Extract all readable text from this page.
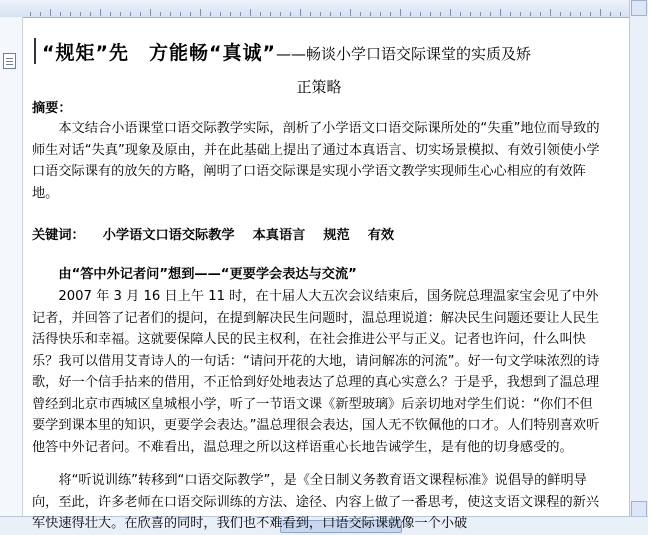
“规矩”先　方能畅“真诚”——畅谈小学口语交际课堂的实质及矫
正策略
摘要：
本文结合小语课堂口语交际教学实际，剖析了小学语文口语交际课所处的“失重”地位而导致的师生对话“失真”现象及原由，并在此基础上提出了通过本真语言、切实场景模拟、有效引领使小学口语交际课有的放矢的方略，阐明了口语交际课是实现小学语文教学实现师生心心相应的有效阵地。
关键词： 小学语文口语交际教学 本真语言 规范 有效
由“答中外记者问”想到——“更要学会表达与交流”
2007 年 3 月 16 日上午 11 时，在十届人大五次会议结束后，国务院总理温家宝会见了中外记者，并回答了记者们的提问，在提到解决民生问题时，温总理说道：解决民生问题还要让人民生活得快乐和幸福。这就要保障人民的民主权利，在社会推进公平与正义。记者也许问，什么叫快乐？我可以借用艾青诗人的一句话：“请问开花的大地，请问解冻的河流”。好一句文学味浓烈的诗歌，好一个信手拈来的借用，不正恰到好处地表达了总理的真心实意么？于是乎，我想到了温总理曾经到北京市西城区皇城根小学，听了一节语文课《新型玻璃》后亲切地对学生们说：“你们不但要学到课本里的知识，更要学会表达。”温总理很会表达，国人无不钦佩他的口才。人们特别喜欢听他答中外记者问。不难看出，温总理之所以这样语重心长地告诫学生，是有他的切身感受的。
将“听说训练”转移到“口语交际教学”，是《全日制义务教育语文课程标准》说倡导的鲜明导向，至此，许多老师在口语交际训练的方法、途径、内容上做了一番思考，使这支语文课程的新兴军快速得壮大。在欣喜的同时，我们也不难看到，口语交际课就像一个小破
